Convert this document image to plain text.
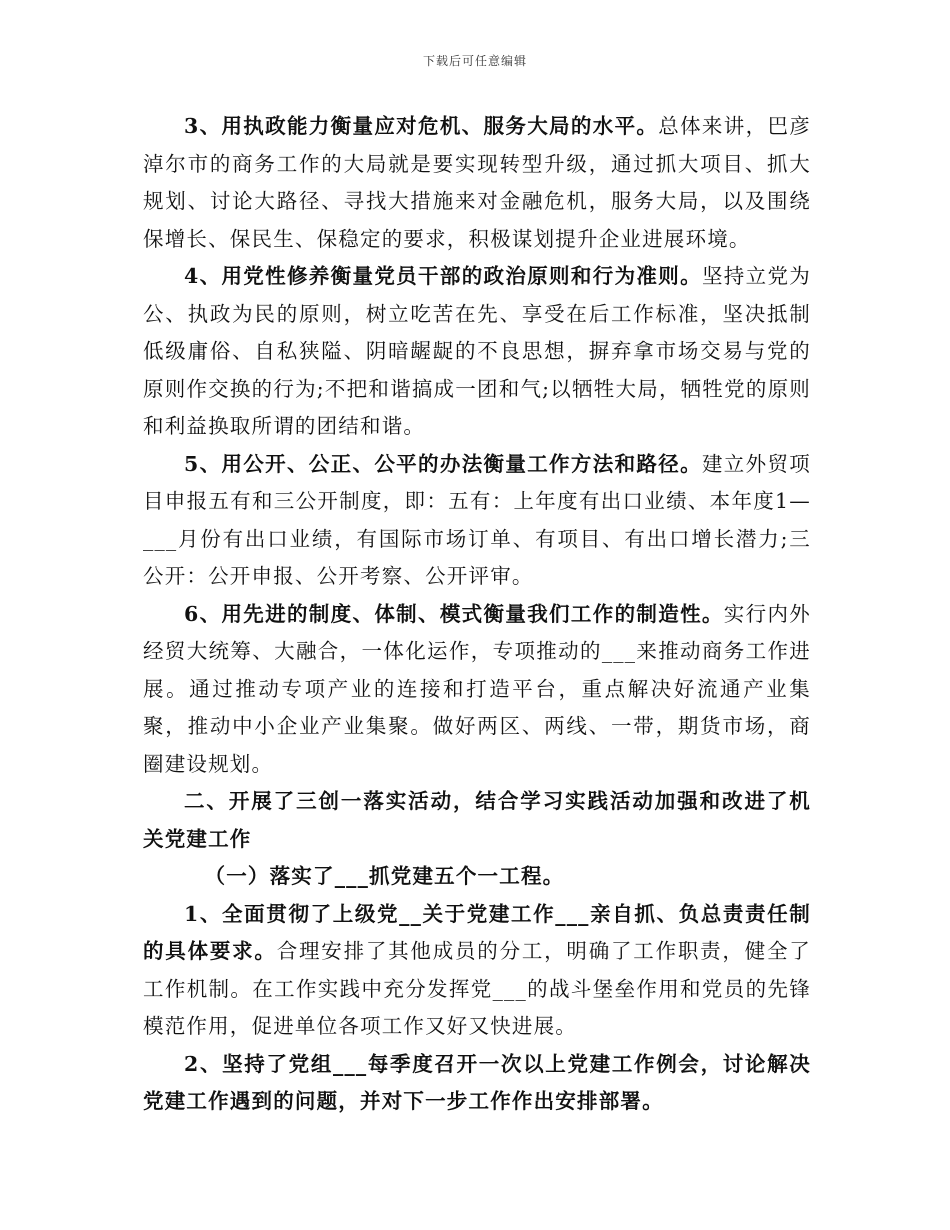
下载后可任意编辑

3、用执政能力衡量应对危机、服务大局的水平。总体来讲，巴彦淖尔市的商务工作的大局就是要实现转型升级，通过抓大项目、抓大规划、讨论大路径、寻找大措施来对金融危机，服务大局，以及围绕保增长、保民生、保稳定的要求，积极谋划提升企业进展环境。

4、用党性修养衡量党员干部的政治原则和行为准则。坚持立党为公、执政为民的原则，树立吃苦在先、享受在后工作标准，坚决抵制低级庸俗、自私狭隘、阴暗龌龊的不良思想，摒弃拿市场交易与党的原则作交换的行为;不把和谐搞成一团和气;以牺牲大局，牺牲党的原则和利益换取所谓的团结和谐。

5、用公开、公正、公平的办法衡量工作方法和路径。建立外贸项目申报五有和三公开制度，即：五有：上年度有出口业绩、本年度1—___月份有出口业绩，有国际市场订单、有项目、有出口增长潜力;三公开：公开申报、公开考察、公开评审。

6、用先进的制度、体制、模式衡量我们工作的制造性。实行内外经贸大统筹、大融合，一体化运作，专项推动的___来推动商务工作进展。通过推动专项产业的连接和打造平台，重点解决好流通产业集聚，推动中小企业产业集聚。做好两区、两线、一带，期货市场，商圈建设规划。

二、开展了三创一落实活动，结合学习实践活动加强和改进了机关党建工作

（一）落实了___抓党建五个一工程。

1、全面贯彻了上级党__关于党建工作___亲自抓、负总责责任制的具体要求。合理安排了其他成员的分工，明确了工作职责，健全了工作机制。在工作实践中充分发挥党___的战斗堡垒作用和党员的先锋模范作用，促进单位各项工作又好又快进展。

2、坚持了党组___每季度召开一次以上党建工作例会，讨论解决党建工作遇到的问题，并对下一步工作作出安排部署。
